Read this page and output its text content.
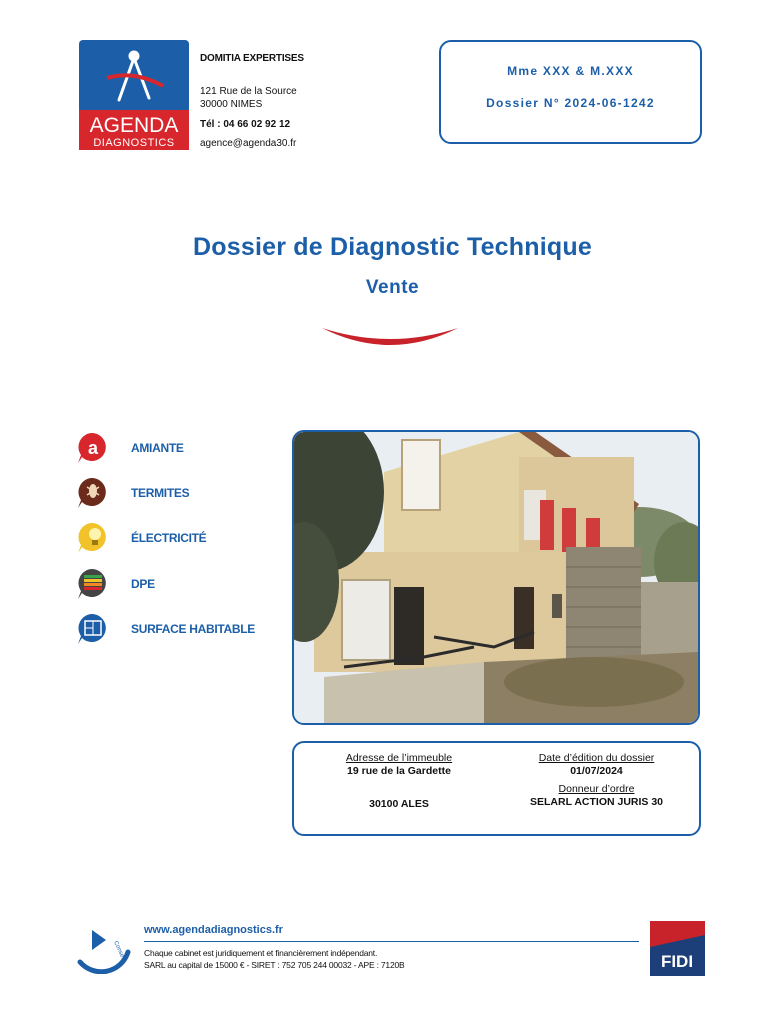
AGENDA
DIAGNOSTICS
DOMITIA EXPERTISES
121 Rue de la Source
30000 NIMES
Tél : 04 66 02 92 12
agence@agenda30.fr
Mme XXX & M.XXX
Dossier N° 2024-06-1242
Dossier de Diagnostic Technique
Vente
a	AMIANTE
TERMITES
ÉLECTRICITÉ
DPE
SURFACE HABITABLE
Adresse de l’immeuble
19 rue de la Gardette
30100 ALES
Date d’édition du dossier
01/07/2024
Donneur d’ordre
SELARL ACTION JURIS 30
Conseil
www.agendadiagnostics.fr
Chaque cabinet est juridiquement et financièrement indépendant.
SARL au capital de 15000 € - SIRET : 752 705 244 00032 - APE : 7120B	FIDI
